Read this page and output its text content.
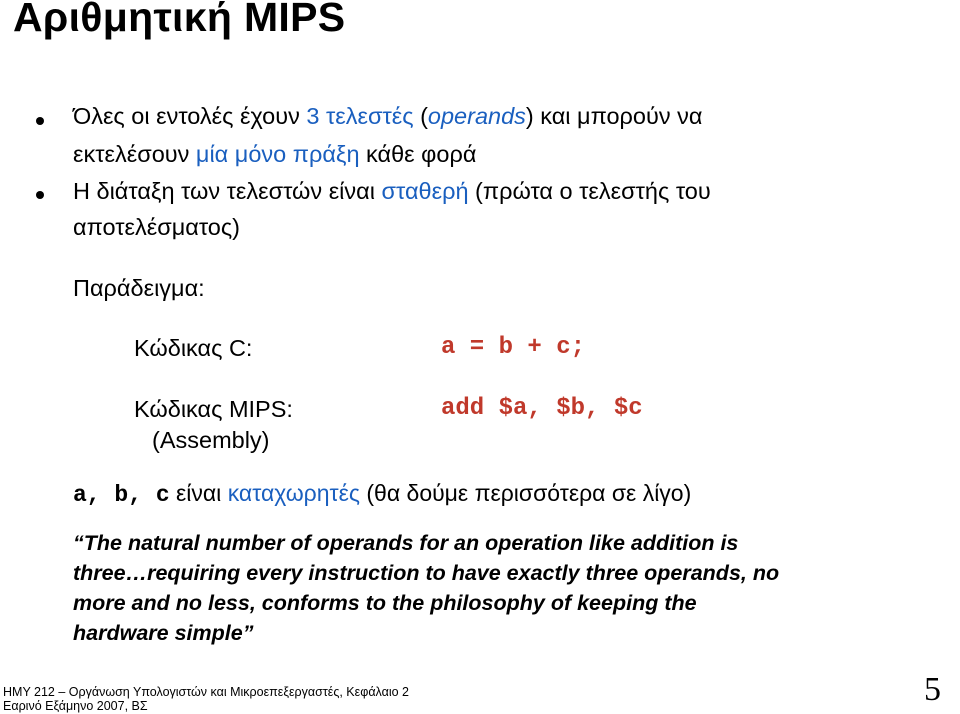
Αριθμητική MIPS
Όλες οι εντολές έχουν 3 τελεστές (operands) και μπορούν να
εκτελέσουν μία μόνο πράξη κάθε φορά
Η διάταξη των τελεστών είναι σταθερή (πρώτα ο τελεστής του
αποτελέσματος)
Παράδειγμα:
Κώδικας C:	a = b + c;
Κώδικας MIPS:
(Assembly)
add $a, $b, $c
a, b, c είναι καταχωρητές (θα δούμε περισσότερα σε λίγο)
“The natural number of operands for an operation like addition is
three…requiring every instruction to have exactly three operands, no
more and no less, conforms to the philosophy of keeping the
hardware simple”
ΗΜΥ 212 – Οργάνωση Υπολογιστών και Μικροεπεξεργαστές, Κεφάλαιο 2
Εαρινό Εξάμηνο 2007, ΒΣ	5
